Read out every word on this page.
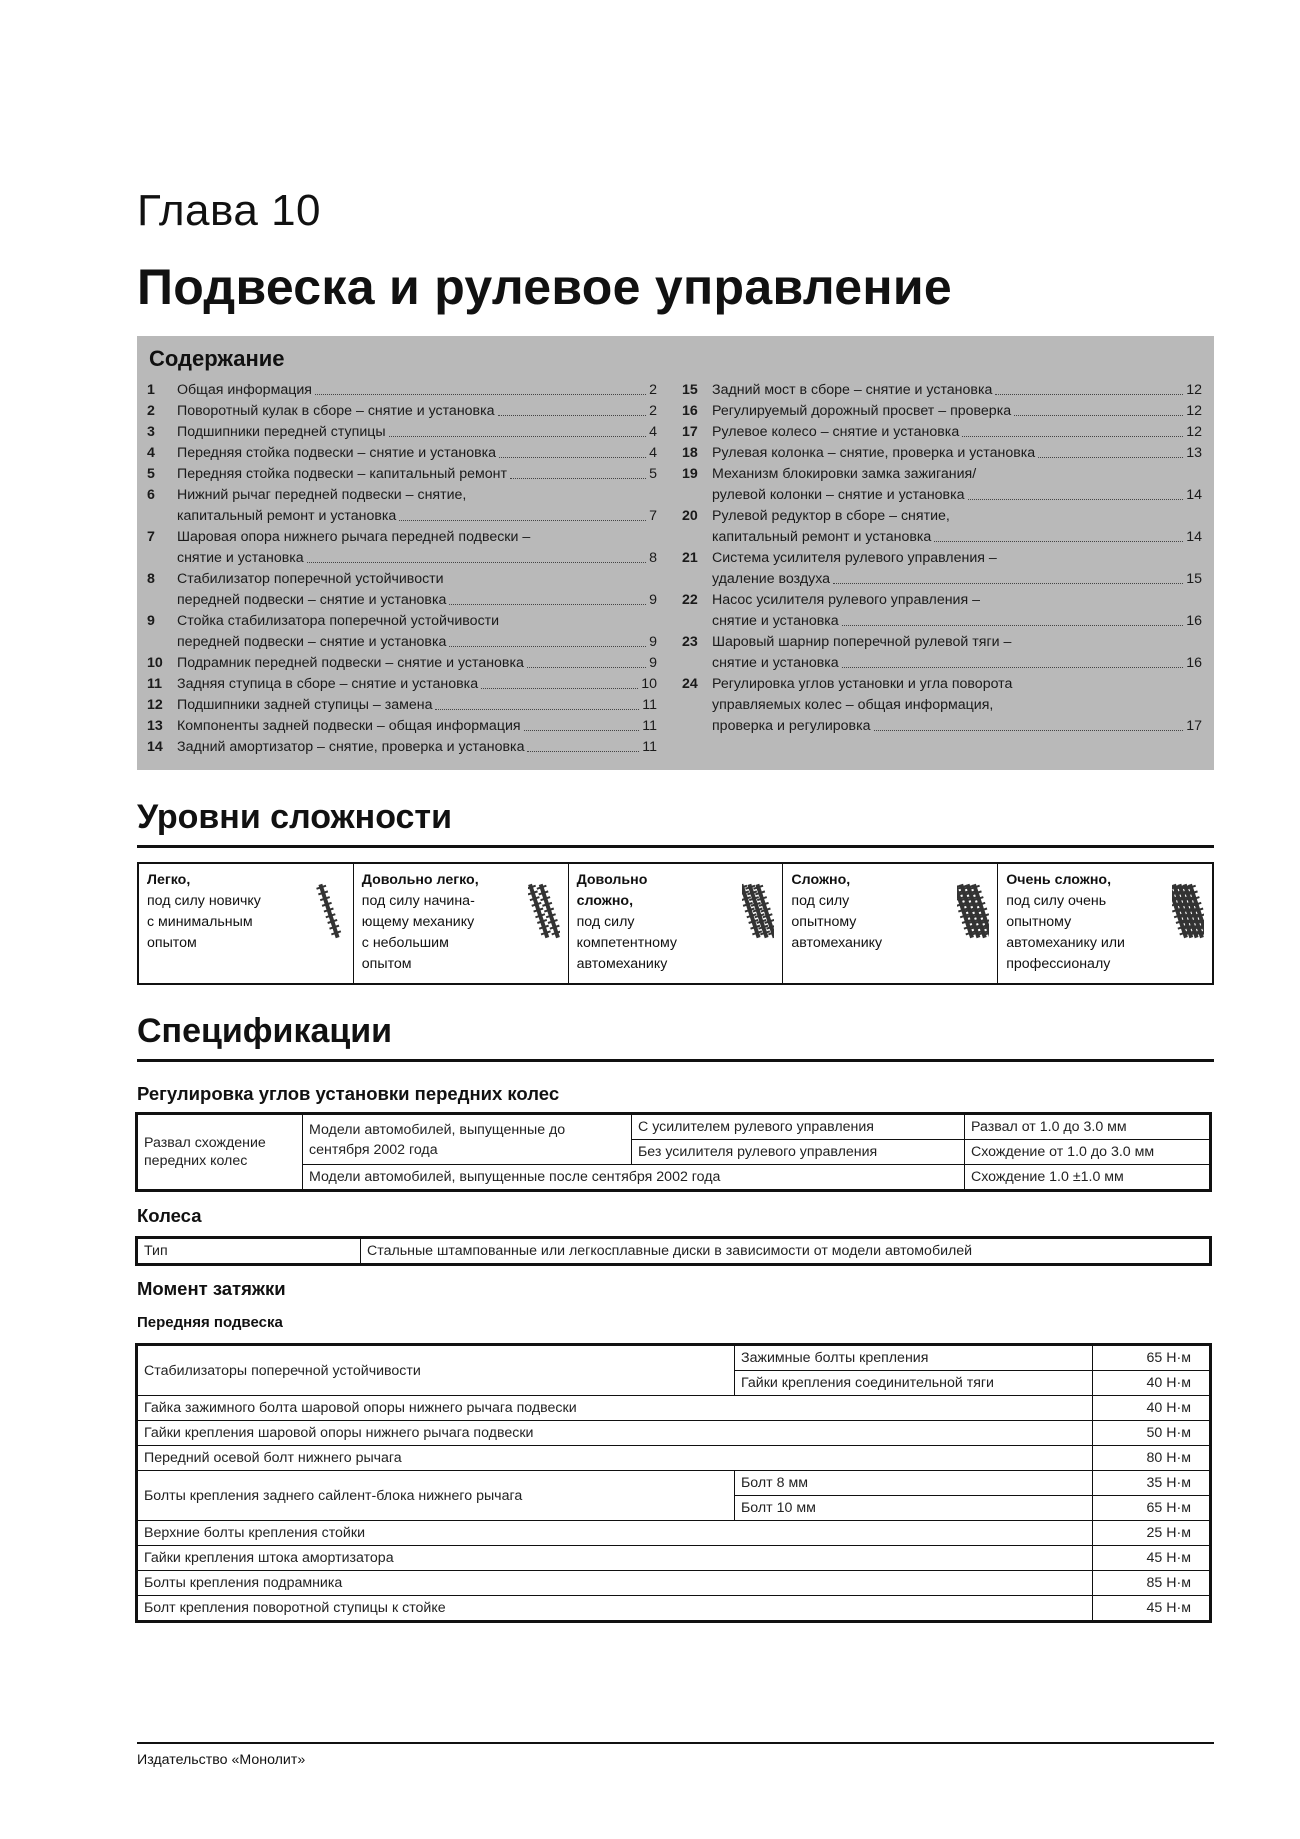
Глава 10
Подвеска и рулевое управление
Содержание
1	Общая информация	2
2	Поворотный кулак в сборе – снятие и установка	2
3	Подшипники передней ступицы	4
4	Передняя стойка подвески – снятие и установка	4
5	Передняя стойка подвески – капитальный ремонт	5
6	Нижний рычаг передней подвески – снятие,
капитальный ремонт и установка	7
7	Шаровая опора нижнего рычага передней подвески –
снятие и установка	8
8	Стабилизатор поперечной устойчивости
передней подвески – снятие и установка	9
9	Стойка стабилизатора поперечной устойчивости
передней подвески – снятие и установка	9
10	Подрамник передней подвески – снятие и установка	9
11	Задняя ступица в сборе – снятие и установка	10
12	Подшипники задней ступицы – замена	11
13	Компоненты задней подвески – общая информация	11
14	Задний амортизатор – снятие, проверка и установка	11
15	Задний мост в сборе – снятие и установка	12
16	Регулируемый дорожный просвет – проверка	12
17	Рулевое колесо – снятие и установка	12
18	Рулевая колонка – снятие, проверка и установка	13
19	Механизм блокировки замка зажигания/
рулевой колонки – снятие и установка	14
20	Рулевой редуктор в сборе – снятие,
капитальный ремонт и установка	14
21	Система усилителя рулевого управления –
удаление воздуха	15
22	Насос усилителя рулевого управления –
снятие и установка	16
23	Шаровый шарнир поперечной рулевой тяги –
снятие и установка	16
24	Регулировка углов установки и угла поворота
управляемых колес – общая информация,
проверка и регулировка	17
Уровни сложности
Легко,
под силу новичку
с минимальным
опытом
Довольно легко,
под силу начина-
ющему механику
с небольшим
опытом
Довольно сложно,
под силу
компетентному
автомеханику
Сложно,
под силу
опытному
автомеханику
Очень сложно,
под силу очень
опытному
автомеханику или
профессионалу
Спецификации
Регулировка углов установки передних колес
Развал схождение передних колес	Модели автомобилей, выпущенные до сентября 2002 года	С усилителем рулевого управления	Развал от 1.0 до 3.0 мм
		Без усилителя рулевого управления	Схождение от 1.0 до 3.0 мм
	Модели автомобилей, выпущенные после сентября 2002 года		Схождение 1.0 ±1.0 мм
Колеса
Тип	Стальные штампованные или легкосплавные диски в зависимости от модели автомобилей
Момент затяжки
Передняя подвеска
Стабилизаторы поперечной устойчивости	Зажимные болты крепления	65 Н·м
	Гайки крепления соединительной тяги	40 Н·м
Гайка зажимного болта шаровой опоры нижнего рычага подвески		40 Н·м
Гайки крепления шаровой опоры нижнего рычага подвески		50 Н·м
Передний осевой болт нижнего рычага		80 Н·м
Болты крепления заднего сайлент-блока нижнего рычага	Болт 8 мм	35 Н·м
	Болт 10 мм	65 Н·м
Верхние болты крепления стойки		25 Н·м
Гайки крепления штока амортизатора		45 Н·м
Болты крепления подрамника		85 Н·м
Болт крепления поворотной ступицы к стойке		45 Н·м
Издательство «Монолит»
